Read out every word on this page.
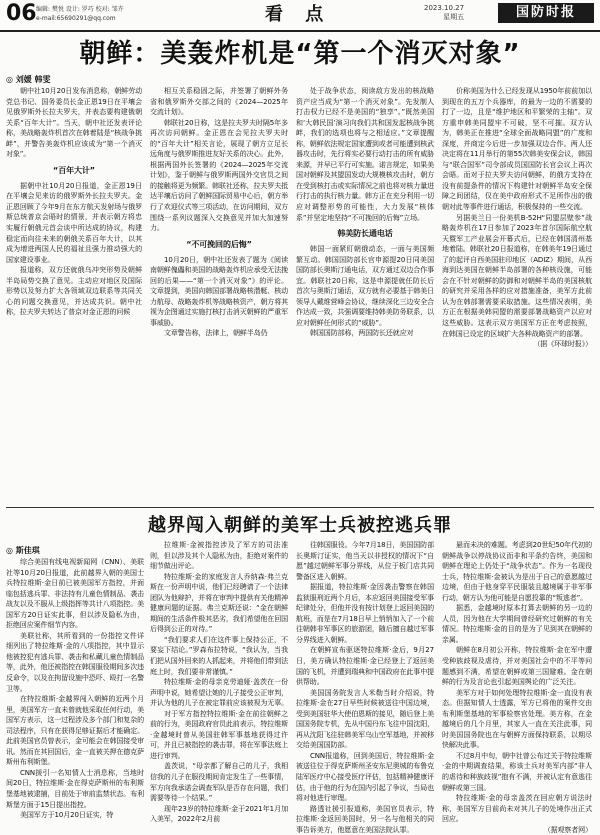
06 编辑: 樊悦 设计: 罗巧 校对: 邹卉
e-mail:65690291@qq.com	看 点	2023.10.27
星期五	国防时报
朝鲜：美轰炸机是“第一个消灭对象”
◎ 刘媛 韩雯

朝中社10月20日发布消息称，朝鲜劳动党总书记、国务委员长金正恩19日在平壤会见俄罗斯外长拉夫罗夫，并表态要构建俄朝关系“百年大计”。当天，朝中社还发表评论称，美战略轰炸机首次在韩着陆是“核战争挑衅”，并警告美轰炸机应该成为“第一个消灭对象”。

“百年大计”

据朝中社10月20日报道，金正恩19日在平壤会见来访的俄罗斯外长拉夫罗夫。金正恩回顾了今年9月在东方航天发射场与俄罗斯总统普京会晤时的情景，并表示朝方将忠实履行朝俄元首会谈中所达成的协议，构建稳定而向往未来的朝俄关系百年大计，以其成为增进两国人民的福祉且强力推动强大的国家建设事业。

报道称，双方还就俄乌冲突形势及朝鲜半岛局势交换了意见。主动应对地区及国际形势以及努力扩大各领域双边联系等共同关心的问题交换意见，并达成共识。朝中社称，拉夫罗夫转达了普京对金正恩的问候

相互关系稳固之际，并签署了朝鲜外务省和俄罗斯外交部之间的《2024—2025年交流计划》。

韩联社20日称，这是拉夫罗夫时隔5年多再次访问朝鲜。金正恩在会见拉夫罗夫时的“百年大计”相关言论，展现了朝方立足长远角度与俄罗斯推进友好关系的决心。此外，根据两国外长签署的《2024—2025年交流计划》，鉴于朝鲜与俄罗斯两国外交官员之间的接触将更为频繁。韩联社还称，拉夫罗夫抵达平壤后访问了朝鲜国际贸易中心后，朝方举行了欢迎仪式等三项活动，在访问期间，双方围绕一系列议题深入交换意见并加大加速努力。

“不可挽回的后悔”

10月20日，朝中社还发表了题为《阅读南朝鲜傀儡和美国的战略轰炸机应承受无法挽回的后果——“第一个消灭对象”》的评论。文章提到，美国向韩国部署战略核潜艇、核动力航母、战略轰炸机等战略核资产，朝方将其视为企图通过实施打核打击消灭朝鲜的严重军事威胁。

文章警告称，法律上，朝鲜半岛仍

处于战争状态，阅读敌方发出的核战略资产应当成为“第一个消灭对象”。先发制人打击权力已经不是美国的“独享”。”既然美国和‘大韩民国’演习向我们共和国发起核战争挑衅，我们的选项也将与之相适应。”文章提醒称，朝鲜依法规定国家遭到或者可能遭到核武器攻击时，先行将实必要行动打击的所有威胁来源，并早已平行可实施。诺言规定，如果美国对朝鲜及其盟国发动大规模核攻击时，朝方在受到核打击或实际情况之前也将对核力量进行打击的执行核力量。韩方正在充分利用一切应对调整形势的可能性，大力发展“核体系”并坚定地坚持“不可挽回的后悔”立场。

韩美防长通电话

韩国一面紧盯朝俄动态，一面与美国频繁互动。韩国国防部长官申源提20日同美国国防部长奥斯汀通电话，双方通过双边合作事宜。韩联社20日称，这是申源提就任防长后首次与奥斯汀通话，双方就有必要基于韩美日领导人戴维营峰会协议，继续深化三边安全合作达成一致，共强调要维持韩美防务联系，以应对朝鲜任何形式的“威胁”。

韩国国防部称，两国防长还就应对

价称美国为什么已经发现从1950年前前加以到现在的五万个兵器库，的最为一边的不需要的打了一边，且是“维护地区和平繁荣的主轴”。双方重申韩美同盟牢不可破，坚不可摧。双方认为，韩美正在推进“全球全面战略同盟”的广度和深度，并商定今后进一步加强双边合作。两人还决定将在11月举行的第55次韩美安保会议，韩国与“联合国军”司令部成员国国防长官会议上再次会晤。而对于拉夫罗夫访问朝鲜，的俄方支持在没有前提条件的情况下构建针对朝鲜半岛安全保障之间团结，仅在美中政府形式不足所作出的俄朝对此等事件进行通话，积极保持的一些交流。

另据美兰日一份美机B-52H“同盟层壁参”战略轰炸机在17日参加了2023年首尔国际航空航天暨军工产业展会开幕式后，已经在韩国清州基地着陆。韩联社20日报道称，在韩美年19日通过了的起评自西美国驻印地区（ADIZ）期间，从西海到达美国在朝鲜半岛部署的各种核设施，可能会在不针对朝鲜的防御和对朝鲜半岛的美国核航的研究并采用各样的应对措施准备，美军方此前认为在韩部署需要采取措施。这些情况表明，美方正在根据美韩同盟的需要部署战略资产以应对这些威胁。这表示双方美国军方正在考虑按照，在韩国已设定的区域扩大各种战略资产的部署。

（据《环球时报》）
越界闯入朝鲜的美军士兵被控逃兵罪
◎ 斯佳琪

综合美国有线电视新闻网（CNN）、美联社等10月20日报道，此前越界入朝的美国士兵特拉维斯·金日前已被美国军方指控，并面临包括逃兵罪、非法持有儿童色情制品、袭击战友以及不服从上级指挥等共计八项指控。美国军方20日证实此事，但以涉及隐私为由，拒绝回应案件细节内容。

美联社称，其所看到的一份指控文件详细列出了特拉维斯·金的八项指控，其中显示他被控犯有逃兵罪、袭击和私藏儿童色情制品等，此外，他还被指控在韩国服役期间多次违反命令，以及在拘留设施中恐吓、殴打一名警卫等。

在特拉维斯·金越界闯入朝鲜的近两个月里，美国军方一直未曾就他采取任何行动，美国军方表示，这一过程涉及多个部门和复杂的司法程序，只有在获得足够证据后才能确定。此前美国官员曾表示，金可能会在韩国接受审讯。然而在其回国后，金一直被关押在德克萨斯州布利斯堡。

CNN援引一名知情人士消息称，当地时间20日，特拉维斯·金在得克萨斯州的布利斯堡基地被逮捕，目前处于审前监禁状态。布利斯堡方面于15日提出指控。

美国军方于10月20日证实，特

拉维斯·金被指控涉及了军方的司法准则，但以涉及其个人隐私为由，拒绝对案件的细节做出评论。

特拉维斯·金的家庭发言人乔纳森·弗兰克斯在一份声明中说，他们已经聘请了一个法律团队为他辩护，并将在审判中提供有关他精神健康问题的证据。弗兰克斯还说：“金在朝鲜期间的生活条件极其恶劣，我们希望他在回国后得到公正的对待。”

“我们要求人们在这件事上保持公正，不要妄下结论。”罗森布拉特说，“我认为，当我们把从国外回来的人抓起来，并将他们带到法庭上时，我们要非常谨慎。”

特拉维斯·金的母亲克劳迪娅·盖茨在一份声明中说，她希望让她的儿子接受公正审判，并认为他的儿子在被定罪前应该被视为无辜。

对于军方指控特拉维斯·金在前往朝鲜之前的行为，美国政府官员此前表示，特拉维斯·金越境时曾从美国驻韩军事基地获得过许可，并且已被指控的袭击罪，将在军事法庭上进行审判。

盖茨说，“母亲都了解自己的儿子，我相信我的儿子在服役期间肯定发生了一些事情，军方向我承诺会调查军队是否存在问题，我们需要等待一个结果。”

现年23岁的特拉维斯·金于2021年1月加入美军，2022年2月前

往韩国服役。今年7月18日，美国国防部长奥斯汀证实，他当天以非授权的情况下“自愿”越过朝鲜军事分界线，从位于板门店共同警备区进入朝鲜。

据报道，特拉维斯·金因袭击警察在韩国监狱服刑近两个月后，本应返回美国接受军事纪律处分，但他并没有按计划登上返回美国的航班，而是在7月18日早上悄悄加入了一个前往朝韩非军事区的旅游团，随后擅自越过军事分界线进入朝鲜。

在朝鲜宣布驱逐特拉维斯·金后，9月27日，美方确认特拉维斯·金已经登上了返回美国的飞机，并遭到瑞典和中国政府在此事中提供帮助。

美国国务院发言人米勒当时介绍说，特拉维斯·金在27日早些时候被送往中国边境，受到美国驻华大使伯恩斯的接见，随后登上美国国务院专机，先从中国丹东飞往中国沈阳，再从沈阳飞往驻韩美军乌山空军基地，并被移交给美国国防部。

CNN报道称，回到美国后，特拉维斯·金被送往位于得克萨斯州圣安东尼奥城的布鲁克陆军医疗中心接受医疗评估，包括精神健康评估，由于他的行为在国内引起了争议，当局也将对他进行审理。

路透社援引报道称，美国官员表示，特拉维斯·金返回美国时，另一名与他相关的同事告诉美方，他愿意在美国法院认罪。

悬而未决的难题。考虑到20世纪50年代初的朝鲜战争以停战协议而非和平条约告终，美国和朝鲜在理论上仍处于“战争状态”。作为一名现役士兵，特拉维斯·金被认为是出于自己的意愿越过边境，但由于他身穿平民服装且越境属于非军事行动，朝方认为他可能是自愿投靠的“叛逃者”。

据悉，金越境时原本打算去朝鲜的另一边的人员，因为他在大学期间曾经研究过朝鲜的有关情况。特拉维斯·金的目的是为了见到其在朝鲜的亲属。

朝鲜在8月初公开称，特拉维斯·金在军中遭受种族歧视及虐待，并对美国社会中的不平等问题感到不满，希望在朝鲜或第三国避难。金在朝鲜的行为及言论也引起美国舆论的广泛关注。

美军方对于如何处理特拉维斯·金一直没有表态。但据知情人士透露，军方已将他的案件交由布利斯堡基地的军事检察官处理。美方称，在金越境后的几个月里，其家人一直在关注此事，同时美国国务院也在与朝鲜方面保持联系，以期尽快解决此事。

不过8月中旬，朝中社曾公布过关于特拉维斯·金的中期调查结果，称该士兵对美军内部“非人的虐待和种族歧视”抱有不满，并被认定有意逃往朝鲜或第三国。

特拉维斯·金的母亲盖茨在回应朝方说法时称，美国军方目前尚未对其儿子的处境作出正式回应。

（据观察者网）
